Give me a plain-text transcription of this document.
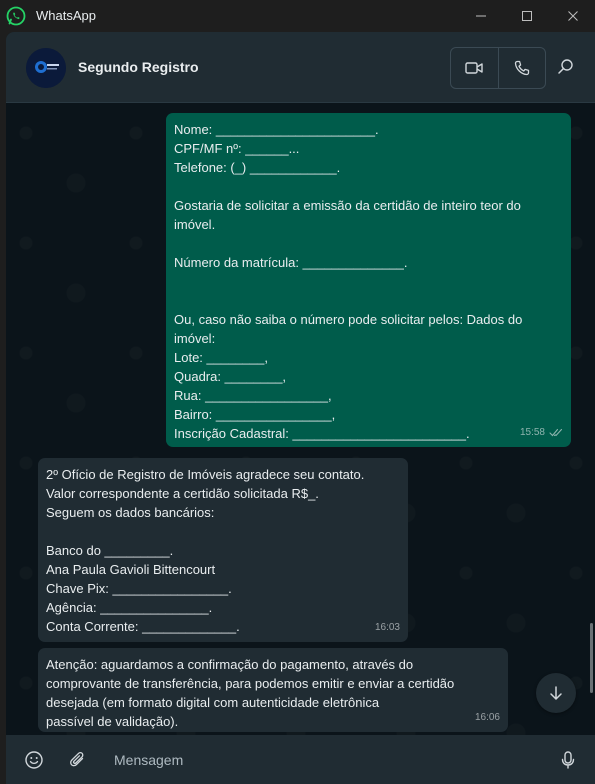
WhatsApp
Segundo Registro
Nome: ______________________.
CPF/MF nº: ______...
Telefone: (_) ____________.
Gostaria de solicitar a emissão da certidão de inteiro teor do
imóvel.
Número da matrícula: ______________.
Ou, caso não saiba o número pode solicitar pelos: Dados do
imóvel:
Lote: ________,
Quadra: ________,
Rua: _________________,
Bairro: ________________,
Inscrição Cadastral: ________________________.	15:58
2º Ofício de Registro de Imóveis agradece seu contato.
Valor correspondente a certidão solicitada R$_.
Seguem os dados bancários:
Banco do _________.
Ana Paula Gavioli Bittencourt
Chave Pix: ________________.
Agência: _______________.
Conta Corrente: _____________.	16:03
Atenção: aguardamos a confirmação do pagamento, através do
comprovante de transferência, para podemos emitir e enviar a certidão
desejada (em formato digital com autenticidade eletrônica
passível de validação).	16:06
Mensagem
